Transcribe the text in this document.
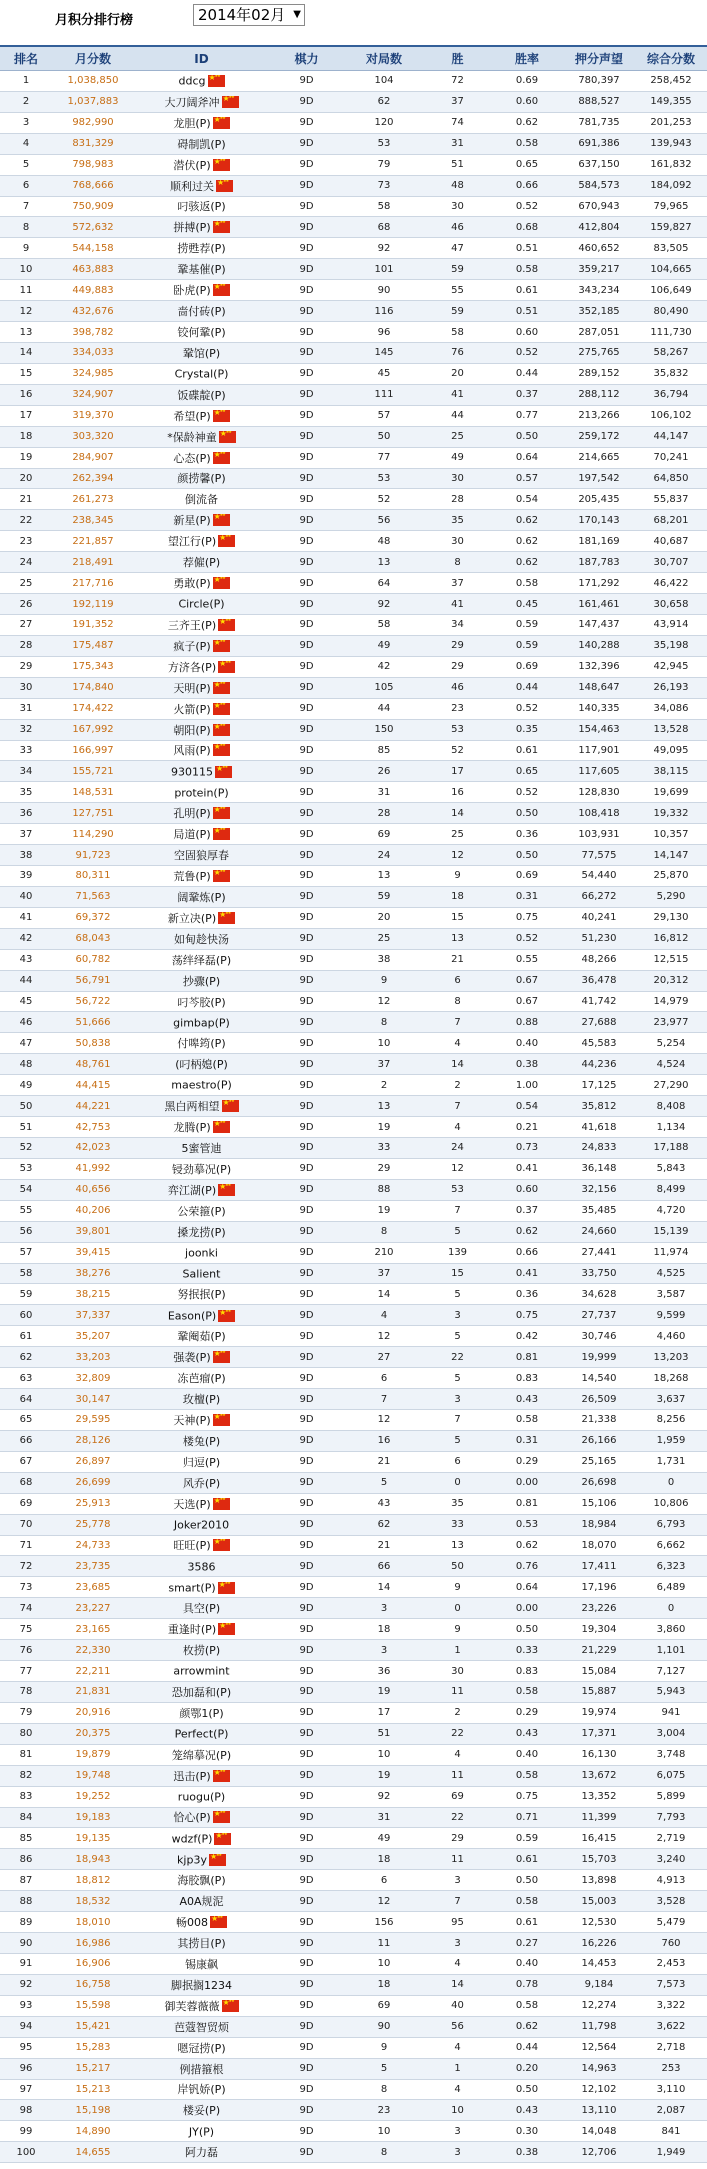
月积分排行榜	2014年02月 ▼
排名	月分数	ID	棋力	对局数	胜	胜率	押分声望	综合分数
1	1,038,850	ddcg★ ★★	9D	104	72	0.69	780,397	258,452
2	1,037,883	大刀阔斧冲★ ★★	9D	62	37	0.60	888,527	149,355
3	982,990	龙胆(P)★ ★★	9D	120	74	0.62	781,735	201,253
4	831,329	碍制凯(P)	9D	53	31	0.58	691,386	139,943
5	798,983	潜伏(P)★ ★★	9D	79	51	0.65	637,150	161,832
6	768,666	顺利过关★ ★★	9D	73	48	0.66	584,573	184,092
7	750,909	叼骇返(P)	9D	58	30	0.52	670,943	79,965
8	572,632	拼搏(P)★ ★★	9D	68	46	0.68	412,804	159,827
9	544,158	捞甦荐(P)	9D	92	47	0.51	460,652	83,505
10	463,883	鞏基催(P)	9D	101	59	0.58	359,217	104,665
11	449,883	卧虎(P)★ ★★	9D	90	55	0.61	343,234	106,649
12	432,676	啬付砖(P)	9D	116	59	0.51	352,185	80,490
13	398,782	铰何鞏(P)	9D	96	58	0.60	287,051	111,730
14	334,033	鞏馆(P)	9D	145	76	0.52	275,765	58,267
15	324,985	Crystal(P)	9D	45	20	0.44	289,152	35,832
16	324,907	饭碟靛(P)	9D	111	41	0.37	288,112	36,794
17	319,370	希望(P)★ ★★	9D	57	44	0.77	213,266	106,102
18	303,320	*保龄神童★ ★★	9D	50	25	0.50	259,172	44,147
19	284,907	心态(P)★ ★★	9D	77	49	0.64	214,665	70,241
20	262,394	颜捞馨(P)	9D	53	30	0.57	197,542	64,850
21	261,273	倒流备	9D	52	28	0.54	205,435	55,837
22	238,345	新星(P)★ ★★	9D	56	35	0.62	170,143	68,201
23	221,857	望江行(P)★ ★★	9D	48	30	0.62	181,169	40,687
24	218,491	荐僱(P)	9D	13	8	0.62	187,783	30,707
25	217,716	勇敢(P)★ ★★	9D	64	37	0.58	171,292	46,422
26	192,119	Circle(P)	9D	92	41	0.45	161,461	30,658
27	191,352	三齐王(P)★ ★★	9D	58	34	0.59	147,437	43,914
28	175,487	疯子(P)★ ★★	9D	49	29	0.59	140,288	35,198
29	175,343	方济各(P)★ ★★	9D	42	29	0.69	132,396	42,945
30	174,840	天明(P)★ ★★	9D	105	46	0.44	148,647	26,193
31	174,422	火箭(P)★ ★★	9D	44	23	0.52	140,335	34,086
32	167,992	朝阳(P)★ ★★	9D	150	53	0.35	154,463	13,528
33	166,997	风雨(P)★ ★★	9D	85	52	0.61	117,901	49,095
34	155,721	930115★ ★★	9D	26	17	0.65	117,605	38,115
35	148,531	protein(P)	9D	31	16	0.52	128,830	19,699
36	127,751	孔明(P)★ ★★	9D	28	14	0.50	108,418	19,332
37	114,290	局道(P)★ ★★	9D	69	25	0.36	103,931	10,357
38	91,723	空固狼厚春	9D	24	12	0.50	77,575	14,147
39	80,311	荒鲁(P)★ ★★	9D	13	9	0.69	54,440	25,870
40	71,563	阔鞏炼(P)	9D	59	18	0.31	66,272	5,290
41	69,372	新立决(P)★ ★★	9D	20	15	0.75	40,241	29,130
42	68,043	如甸趁快汤	9D	25	13	0.52	51,230	16,812
43	60,782	荡绊绎磊(P)	9D	38	21	0.55	48,266	12,515
44	56,791	抄骤(P)	9D	9	6	0.67	36,478	20,312
45	56,722	叼芩胶(P)	9D	12	8	0.67	41,742	14,979
46	51,666	gimbap(P)	9D	8	7	0.88	27,688	23,977
47	50,838	付嗥筠(P)	9D	10	4	0.40	45,583	5,254
48	48,761	(叼柄媳(P)	9D	37	14	0.38	44,236	4,524
49	44,415	maestro(P)	9D	2	2	1.00	17,125	27,290
50	44,221	黑白两相望★ ★★	9D	13	7	0.54	35,812	8,408
51	42,753	龙腾(P)★ ★★	9D	19	4	0.21	41,618	1,134
52	42,023	5蜜管迪	9D	33	24	0.73	24,833	17,188
53	41,992	锓劲摹况(P)	9D	29	12	0.41	36,148	5,843
54	40,656	弈江湖(P)★ ★★	9D	88	53	0.60	32,156	8,499
55	40,206	公荣箍(P)	9D	19	7	0.37	35,485	4,720
56	39,801	搡龙捞(P)	9D	8	5	0.62	24,660	15,139
57	39,415	joonki	9D	210	139	0.66	27,441	11,974
58	38,276	Salient	9D	37	15	0.41	33,750	4,525
59	38,215	努抿抿(P)	9D	14	5	0.36	34,628	3,587
60	37,337	Eason(P)★ ★★	9D	4	3	0.75	27,737	9,599
61	35,207	鞏阉茹(P)	9D	12	5	0.42	30,746	4,460
62	33,203	强袭(P)★ ★★	9D	27	22	0.81	19,999	13,203
63	32,809	冻芭瘤(P)	9D	6	5	0.83	14,540	18,268
64	30,147	玫檀(P)	9D	7	3	0.43	26,509	3,637
65	29,595	天神(P)★ ★★	9D	12	7	0.58	21,338	8,256
66	28,126	楼兔(P)	9D	16	5	0.31	26,166	1,959
67	26,897	归逗(P)	9D	21	6	0.29	25,165	1,731
68	26,699	风乔(P)	9D	5	0	0.00	26,698	0
69	25,913	天选(P)★ ★★	9D	43	35	0.81	15,106	10,806
70	25,778	Joker2010	9D	62	33	0.53	18,984	6,793
71	24,733	旺旺(P)★ ★★	9D	21	13	0.62	18,070	6,662
72	23,735	3586	9D	66	50	0.76	17,411	6,323
73	23,685	smart(P)★ ★★	9D	14	9	0.64	17,196	6,489
74	23,227	具空(P)	9D	3	0	0.00	23,226	0
75	23,165	重逢时(P)★ ★★	9D	18	9	0.50	19,304	3,860
76	22,330	枚捞(P)	9D	3	1	0.33	21,229	1,101
77	22,211	arrowmint	9D	36	30	0.83	15,084	7,127
78	21,831	恐加磊和(P)	9D	19	11	0.58	15,887	5,943
79	20,916	颜鄂1(P)	9D	17	2	0.29	19,974	941
80	20,375	Perfect(P)	9D	51	22	0.43	17,371	3,004
81	19,879	笼绵摹况(P)	9D	10	4	0.40	16,130	3,748
82	19,748	迅击(P)★ ★★	9D	19	11	0.58	13,672	6,075
83	19,252	ruogu(P)	9D	92	69	0.75	13,352	5,899
84	19,183	恰心(P)★ ★★	9D	31	22	0.71	11,399	7,793
85	19,135	wdzf(P)★ ★★	9D	49	29	0.59	16,415	2,719
86	18,943	kjp3y★ ★★	9D	18	11	0.61	15,703	3,240
87	18,812	海胶飘(P)	9D	6	3	0.50	13,898	4,913
88	18,532	A0A规泥	9D	12	7	0.58	15,003	3,528
89	18,010	畅008★ ★★	9D	156	95	0.61	12,530	5,479
90	16,986	其捞目(P)	9D	11	3	0.27	16,226	760
91	16,906	锡康飙	9D	10	4	0.40	14,453	2,453
92	16,758	脚抿搁1234	9D	18	14	0.78	9,184	7,573
93	15,598	御芙蓉薇薇★ ★★	9D	69	40	0.58	12,274	3,322
94	15,421	芭蔻智贸烦	9D	90	56	0.62	11,798	3,622
95	15,283	嗯冠捞(P)	9D	9	4	0.44	12,564	2,718
96	15,217	例措箍根	9D	5	1	0.20	14,963	253
97	15,213	岸钒娇(P)	9D	8	4	0.50	12,102	3,110
98	15,198	楼妥(P)	9D	23	10	0.43	13,110	2,087
99	14,890	JY(P)	9D	10	3	0.30	14,048	841
100	14,655	阿力磊	9D	8	3	0.38	12,706	1,949
